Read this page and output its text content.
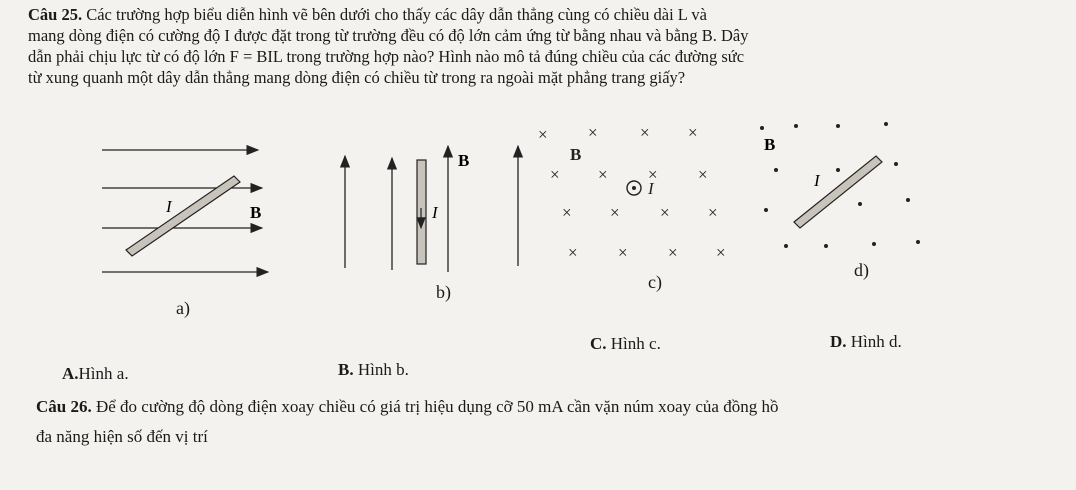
Câu 25. Các trường hợp biểu diễn hình vẽ bên dưới cho thấy các dây dẫn thẳng cùng có chiều dài L và
mang dòng điện có cường độ I được đặt trong từ trường đều có độ lớn cảm ứng từ bằng nhau và bằng B. Dây
dẫn phải chịu lực từ có độ lớn F = BIL trong trường hợp nào? Hình nào mô tả đúng chiều của các đường sức
từ xung quanh một dây dẫn thẳng mang dòng điện có chiều từ trong ra ngoài mặt phẳng trang giấy?
I	B⃗	I
B⃗	B⃗
× × × ×
× × × ×
× × × ×
× × × ×
I
B⃗
I
a)
b)	c)
d)
A.Hình a.	B. Hình b.
C. Hình c.	D. Hình d.
Câu 26. Để đo cường độ dòng điện xoay chiều có giá trị hiệu dụng cỡ 50 mA cần vặn núm xoay của đồng hồ
đa năng hiện số đến vị trí
